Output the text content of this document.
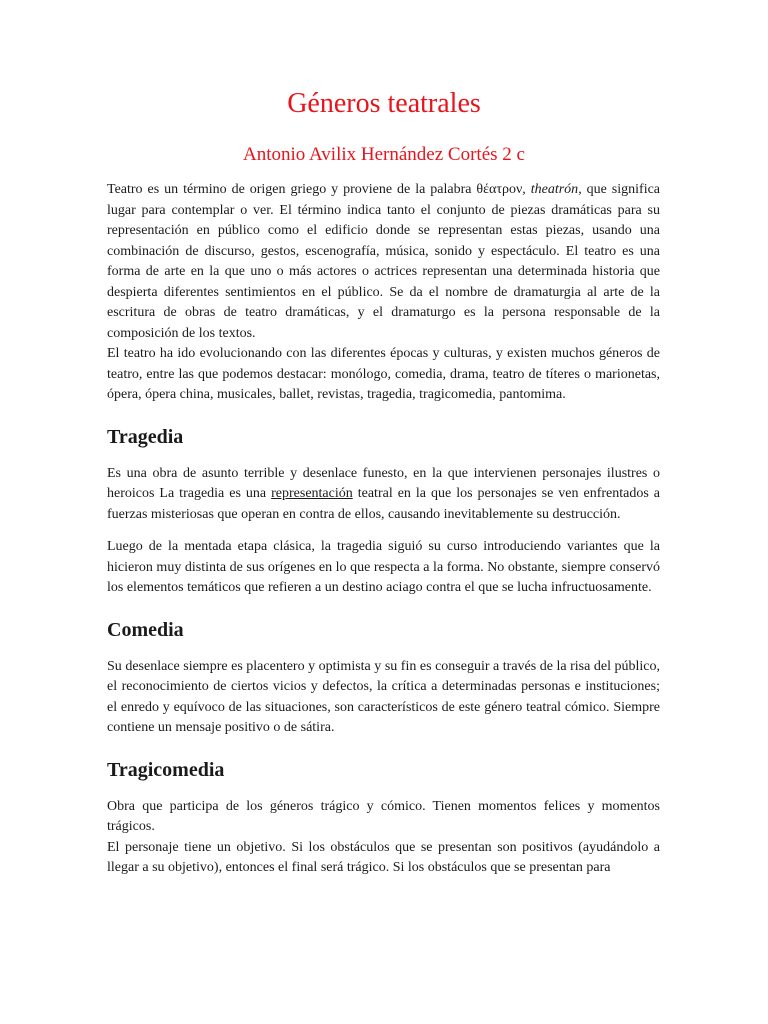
Géneros teatrales
Antonio Avilix Hernández Cortés 2 c

Teatro es un término de origen griego y proviene de la palabra θέατρον, theatrón, que significa lugar para contemplar o ver. El término indica tanto el conjunto de piezas dramáticas para su representación en público como el edificio donde se representan estas piezas, usando una combinación de discurso, gestos, escenografía, música, sonido y espectáculo. El teatro es una forma de arte en la que uno o más actores o actrices representan una determinada historia que despierta diferentes sentimientos en el público. Se da el nombre de dramaturgia al arte de la escritura de obras de teatro dramáticas, y el dramaturgo es la persona responsable de la composición de los textos.

El teatro ha ido evolucionando con las diferentes épocas y culturas, y existen muchos géneros de teatro, entre las que podemos destacar: monólogo, comedia, drama, teatro de títeres o marionetas, ópera, ópera china, musicales, ballet, revistas, tragedia, tragicomedia, pantomima.

Tragedia

Es una obra de asunto terrible y desenlace funesto, en la que intervienen personajes ilustres o heroicos La tragedia es una representación teatral en la que los personajes se ven enfrentados a fuerzas misteriosas que operan en contra de ellos, causando inevitablemente su destrucción.

Luego de la mentada etapa clásica, la tragedia siguió su curso introduciendo variantes que la hicieron muy distinta de sus orígenes en lo que respecta a la forma. No obstante, siempre conservó los elementos temáticos que refieren a un destino aciago contra el que se lucha infructuosamente.

Comedia

Su desenlace siempre es placentero y optimista y su fin es conseguir a través de la risa del público, el reconocimiento de ciertos vicios y defectos, la crítica a determinadas personas e instituciones; el enredo y equívoco de las situaciones, son característicos de este género teatral cómico. Siempre contiene un mensaje positivo o de sátira.

Tragicomedia

Obra que participa de los géneros trágico y cómico. Tienen momentos felices y momentos trágicos.

El personaje tiene un objetivo. Si los obstáculos que se presentan son positivos (ayudándolo a llegar a su objetivo), entonces el final será trágico. Si los obstáculos que se presentan para
